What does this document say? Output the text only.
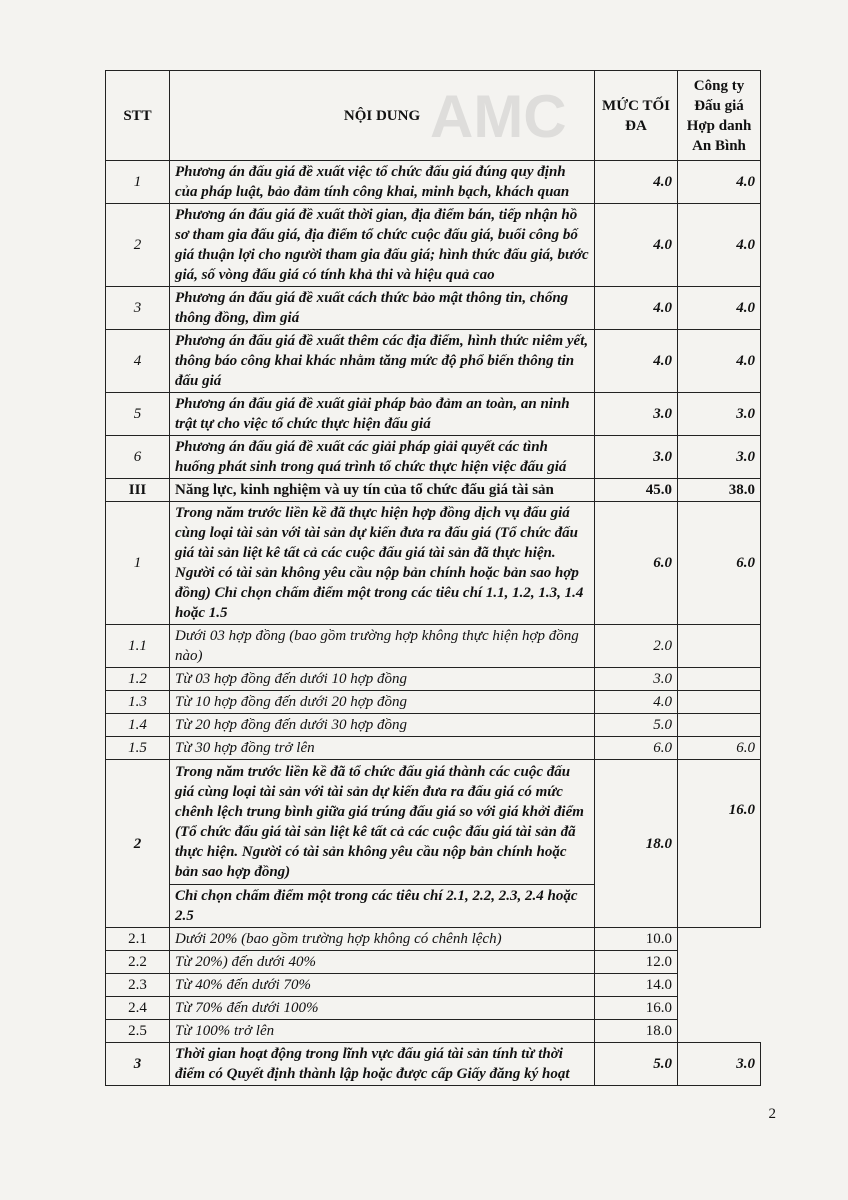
AMC
STT	NỘI DUNG	MỨC TỐI ĐA	Công ty Đấu giá Hợp danh An Bình
1	Phương án đấu giá đề xuất việc tổ chức đấu giá đúng quy định của pháp luật, bảo đảm tính công khai, minh bạch, khách quan	4.0	4.0
2	Phương án đấu giá đề xuất thời gian, địa điểm bán, tiếp nhận hồ sơ tham gia đấu giá, địa điểm tổ chức cuộc đấu giá, buổi công bố giá thuận lợi cho người tham gia đấu giá; hình thức đấu giá, bước giá, số vòng đấu giá có tính khả thi và hiệu quả cao	4.0	4.0
3	Phương án đấu giá đề xuất cách thức bảo mật thông tin, chống thông đồng, dìm giá	4.0	4.0
4	Phương án đấu giá đề xuất thêm các địa điểm, hình thức niêm yết, thông báo công khai khác nhằm tăng mức độ phổ biến thông tin đấu giá	4.0	4.0
5	Phương án đấu giá đề xuất giải pháp bảo đảm an toàn, an ninh trật tự cho việc tổ chức thực hiện đấu giá	3.0	3.0
6	Phương án đấu giá đề xuất các giải pháp giải quyết các tình huống phát sinh trong quá trình tổ chức thực hiện việc đấu giá	3.0	3.0
III	Năng lực, kinh nghiệm và uy tín của tổ chức đấu giá tài sản	45.0	38.0
1	Trong năm trước liền kề đã thực hiện hợp đồng dịch vụ đấu giá cùng loại tài sản với tài sản dự kiến đưa ra đấu giá (Tổ chức đấu giá tài sản liệt kê tất cả các cuộc đấu giá tài sản đã thực hiện. Người có tài sản không yêu cầu nộp bản chính hoặc bản sao hợp đồng) Chỉ chọn chấm điểm một trong các tiêu chí 1.1, 1.2, 1.3, 1.4 hoặc 1.5	6.0	6.0
1.1	Dưới 03 hợp đồng (bao gồm trường hợp không thực hiện hợp đồng nào)	2.0	
1.2	Từ 03 hợp đồng đến dưới 10 hợp đồng	3.0	
1.3	Từ 10 hợp đồng đến dưới 20 hợp đồng	4.0	
1.4	Từ 20 hợp đồng đến dưới 30 hợp đồng	5.0	
1.5	Từ 30 hợp đồng trở lên	6.0	6.0
2	Trong năm trước liền kề đã tổ chức đấu giá thành các cuộc đấu giá cùng loại tài sản với tài sản dự kiến đưa ra đấu giá có mức chênh lệch trung bình giữa giá trúng đấu giá so với giá khởi điểm (Tổ chức đấu giá tài sản liệt kê tất cả các cuộc đấu giá tài sản đã thực hiện. Người có tài sản không yêu cầu nộp bản chính hoặc bản sao hợp đồng)	18.0	16.0
	Chỉ chọn chấm điểm một trong các tiêu chí 2.1, 2.2, 2.3, 2.4 hoặc 2.5		
2.1	Dưới 20% (bao gồm trường hợp không có chênh lệch)	10.0	
2.2	Từ 20%) đến dưới 40%	12.0	
2.3	Từ 40% đến dưới 70%	14.0	
2.4	Từ 70% đến dưới 100%	16.0	
2.5	Từ 100% trở lên	18.0	
3	Thời gian hoạt động trong lĩnh vực đấu giá tài sản tính từ thời điểm có Quyết định thành lập hoặc được cấp Giấy đăng ký hoạt	5.0	3.0
2
